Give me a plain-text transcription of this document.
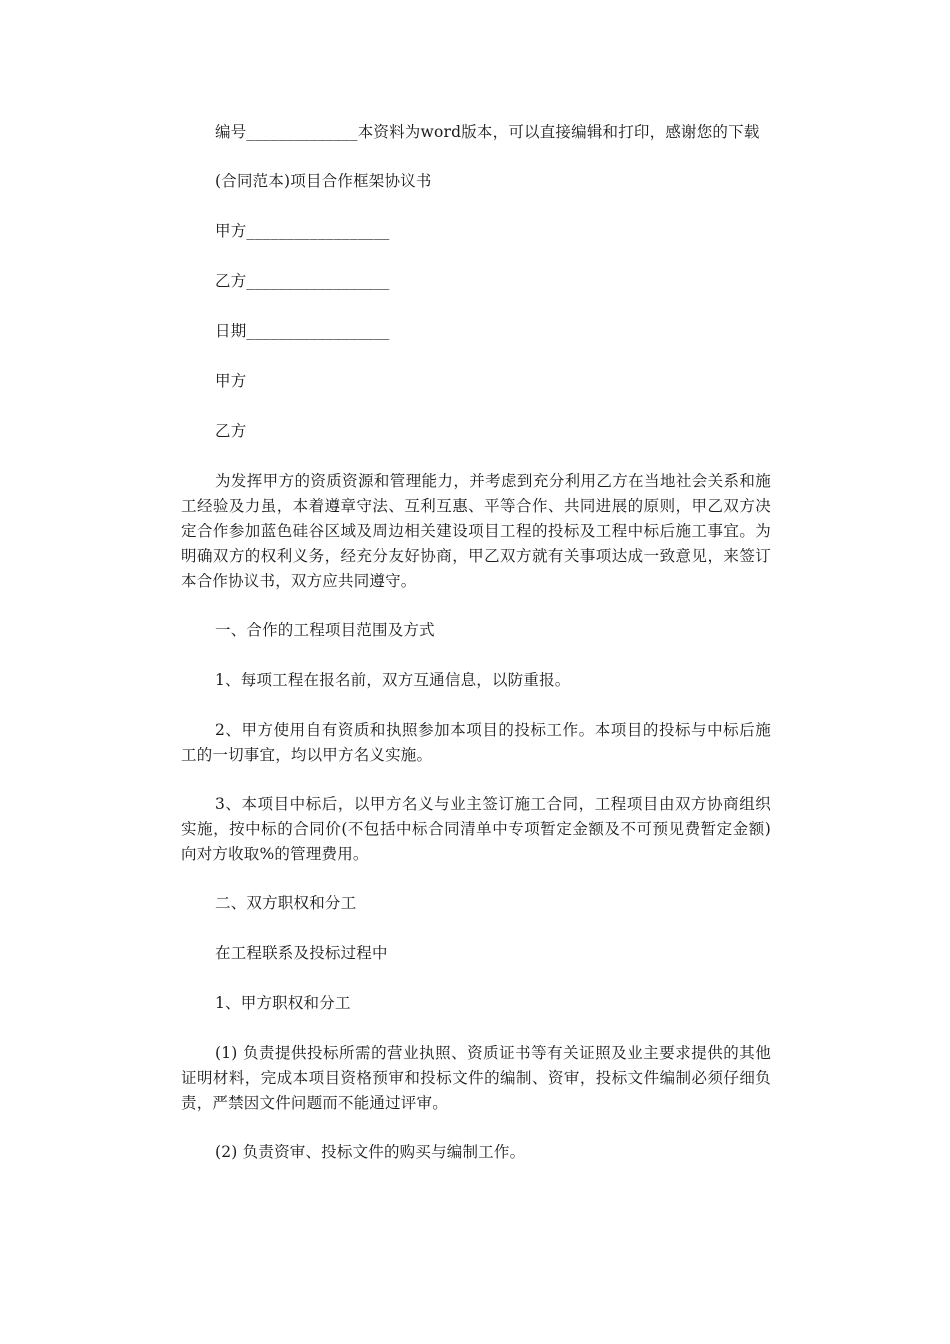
编号______________本资料为word版本，可以直接编辑和打印，感谢您的下载

(合同范本)项目合作框架协议书

甲方__________________

乙方__________________

日期__________________

甲方

乙方

为发挥甲方的资质资源和管理能力，并考虑到充分利用乙方在当地社会关系和施工经验及力虽，本着遵章守法、互利互惠、平等合作、共同进展的原则，甲乙双方决定合作参加蓝色硅谷区域及周边相关建设项目工程的投标及工程中标后施工事宜。为明确双方的权利义务，经充分友好协商，甲乙双方就有关事项达成一致意见，来签订本合作协议书，双方应共同遵守。

一、合作的工程项目范围及方式

1、每项工程在报名前，双方互通信息，以防重报。

2、甲方使用自有资质和执照参加本项目的投标工作。本项目的投标与中标后施工的一切事宜，均以甲方名义实施。

3、本项目中标后，以甲方名义与业主签订施工合同，工程项目由双方协商组织实施，按中标的合同价(不包括中标合同清单中专项暂定金额及不可预见费暂定金额)向对方收取%的管理费用。

二、双方职权和分工

在工程联系及投标过程中

1、甲方职权和分工

(1) 负责提供投标所需的营业执照、资质证书等有关证照及业主要求提供的其他证明材料，完成本项目资格预审和投标文件的编制、资审，投标文件编制必须仔细负责，严禁因文件问题而不能通过评审。

(2) 负责资审、投标文件的购买与编制工作。
